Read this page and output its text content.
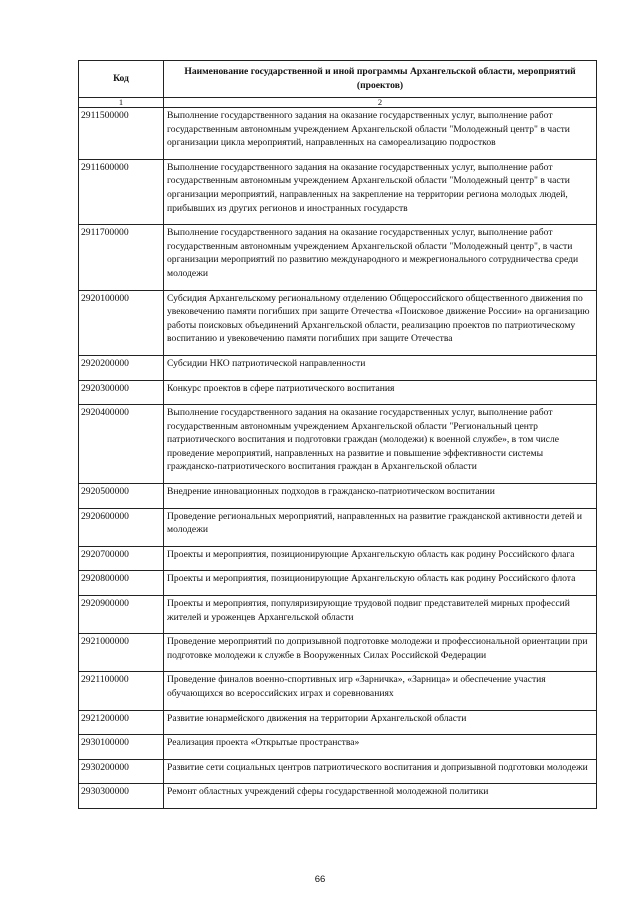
Код	Наименование государственной и иной программы Архангельской области, мероприятий (проектов)
1	2
2911500000	Выполнение государственного задания на оказание государственных услуг, выполнение работ государственным автономным учреждением Архангельской области "Молодежный центр" в части организации цикла мероприятий, направленных на самореализацию подростков
2911600000	Выполнение государственного задания на оказание государственных услуг, выполнение работ государственным автономным учреждением Архангельской области "Молодежный центр" в части организации мероприятий, направленных на закрепление на территории региона молодых людей, прибывших из других регионов и иностранных государств
2911700000	Выполнение государственного задания на оказание государственных услуг, выполнение работ государственным автономным учреждением Архангельской области "Молодежный центр", в части организации мероприятий по развитию международного и межрегионального сотрудничества среди молодежи
2920100000	Субсидия Архангельскому региональному отделению Общероссийского общественного движения по увековечению памяти погибших при защите Отечества «Поисковое движение России» на организацию работы поисковых объединений Архангельской области, реализацию проектов по патриотическому воспитанию и увековечению памяти погибших при защите Отечества
2920200000	Субсидии НКО патриотической направленности
2920300000	Конкурс проектов в сфере патриотического воспитания
2920400000	Выполнение государственного задания на оказание государственных услуг, выполнение работ государственным автономным учреждением Архангельской области "Региональный центр патриотического воспитания и подготовки граждан (молодежи) к военной службе», в том числе проведение мероприятий, направленных на развитие и повышение эффективности системы гражданско-патриотического воспитания граждан в Архангельской области
2920500000	Внедрение инновационных подходов в гражданско-патриотическом воспитании
2920600000	Проведение региональных мероприятий, направленных на развитие гражданской активности детей и молодежи
2920700000	Проекты и мероприятия, позиционирующие Архангельскую область как родину Российского флага
2920800000	Проекты и мероприятия, позиционирующие Архангельскую область как родину Российского флота
2920900000	Проекты и мероприятия, популяризирующие трудовой подвиг представителей мирных профессий жителей и уроженцев Архангельской области
2921000000	Проведение мероприятий по допризывной подготовке молодежи и профессиональной ориентации при подготовке молодежи к службе в Вооруженных Силах Российской Федерации
2921100000	Проведение финалов военно-спортивных игр «Зарничка», «Зарница» и обеспечение участия обучающихся во всероссийских играх и соревнованиях
2921200000	Развитие юнармейского движения на территории Архангельской области
2930100000	Реализация проекта «Открытые пространства»
2930200000	Развитие сети социальных центров патриотического воспитания и допризывной подготовки молодежи
2930300000	Ремонт областных учреждений сферы государственной молодежной политики
66
